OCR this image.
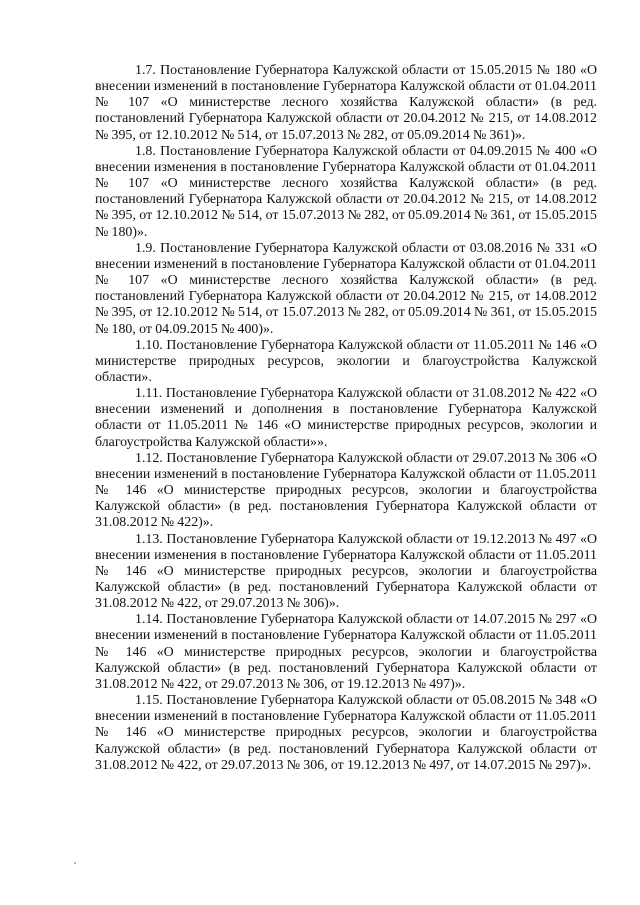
1.7. Постановление Губернатора Калужской области от 15.05.2015 № 180 «О внесении изменений в постановление Губернатора Калужской области от 01.04.2011 № 107 «О министерстве лесного хозяйства Калужской области» (в ред. постановлений Губернатора Калужской области от 20.04.2012 № 215, от 14.08.2012 № 395, от 12.10.2012 № 514, от 15.07.2013 № 282, от 05.09.2014 № 361)».

1.8. Постановление Губернатора Калужской области от 04.09.2015 № 400 «О внесении изменения в постановление Губернатора Калужской области от 01.04.2011 № 107 «О министерстве лесного хозяйства Калужской области» (в ред. постановлений Губернатора Калужской области от 20.04.2012 № 215, от 14.08.2012 № 395, от 12.10.2012 № 514, от 15.07.2013 № 282, от 05.09.2014 № 361, от 15.05.2015 № 180)».

1.9. Постановление Губернатора Калужской области от 03.08.2016 № 331 «О внесении изменений в постановление Губернатора Калужской области от 01.04.2011 № 107 «О министерстве лесного хозяйства Калужской области» (в ред. постановлений Губернатора Калужской области от 20.04.2012 № 215, от 14.08.2012 № 395, от 12.10.2012 № 514, от 15.07.2013 № 282, от 05.09.2014 № 361, от 15.05.2015 № 180, от 04.09.2015 № 400)».

1.10. Постановление Губернатора Калужской области от 11.05.2011 № 146 «О министерстве природных ресурсов, экологии и благоустройства Калужской области».

1.11. Постановление Губернатора Калужской области от 31.08.2012 № 422 «О внесении изменений и дополнения в постановление Губернатора Калужской области от 11.05.2011 № 146 «О министерстве природных ресурсов, экологии и благоустройства Калужской области»».

1.12. Постановление Губернатора Калужской области от 29.07.2013 № 306 «О внесении изменений в постановление Губернатора Калужской области от 11.05.2011 № 146 «О министерстве природных ресурсов, экологии и благоустройства Калужской области» (в ред. постановления Губернатора Калужской области от 31.08.2012 № 422)».

1.13. Постановление Губернатора Калужской области от 19.12.2013 № 497 «О внесении изменения в постановление Губернатора Калужской области от 11.05.2011 № 146 «О министерстве природных ресурсов, экологии и благоустройства Калужской области» (в ред. постановлений Губернатора Калужской области от 31.08.2012 № 422, от 29.07.2013 № 306)».

1.14. Постановление Губернатора Калужской области от 14.07.2015 № 297 «О внесении изменений в постановление Губернатора Калужской области от 11.05.2011 № 146 «О министерстве природных ресурсов, экологии и благоустройства Калужской области» (в ред. постановлений Губернатора Калужской области от 31.08.2012 № 422, от 29.07.2013 № 306, от 19.12.2013 № 497)».

1.15. Постановление Губернатора Калужской области от 05.08.2015 № 348 «О внесении изменений в постановление Губернатора Калужской области от 11.05.2011 № 146 «О министерстве природных ресурсов, экологии и благоустройства Калужской области» (в ред. постановлений Губернатора Калужской области от 31.08.2012 № 422, от 29.07.2013 № 306, от 19.12.2013 № 497, от 14.07.2015 № 297)».
